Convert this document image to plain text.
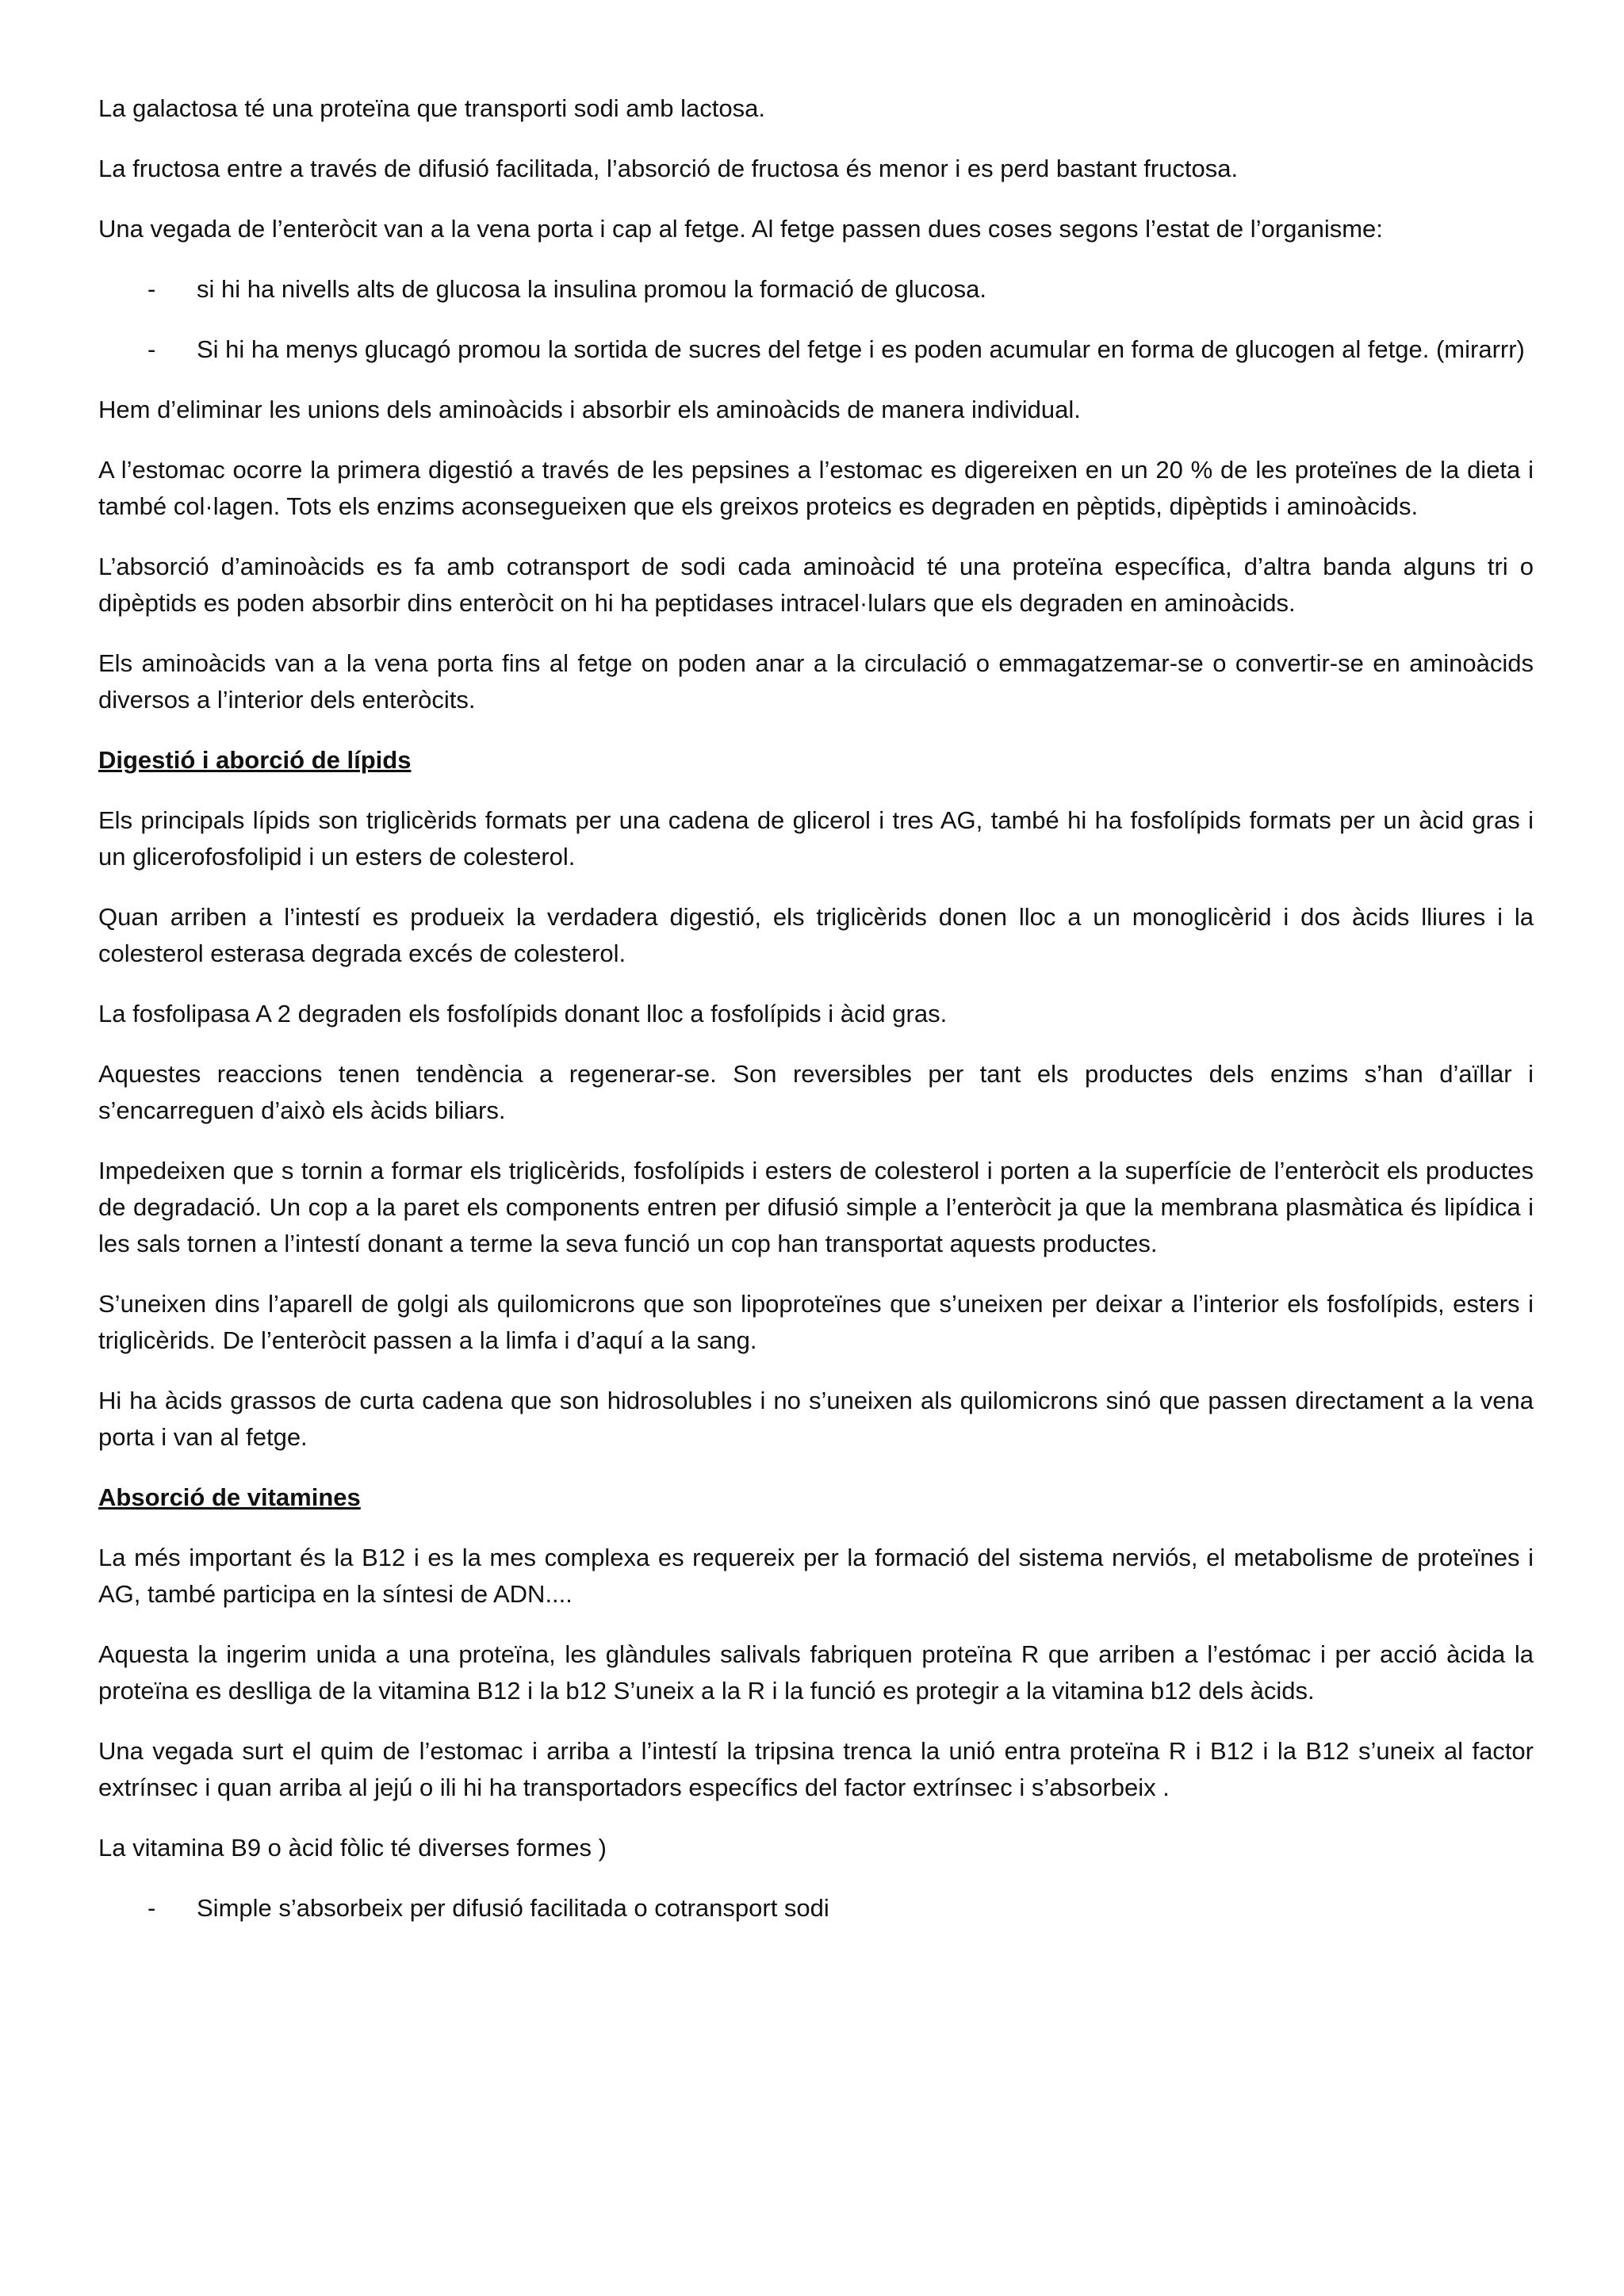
La galactosa té una proteïna que transporti sodi amb lactosa.

La fructosa entre a través de difusió facilitada, l’absorció de fructosa és menor i es perd bastant fructosa.

Una vegada de l’enteròcit van a la vena porta i cap al fetge. Al fetge passen dues coses segons l’estat de l’organisme:

-	si hi ha nivells alts de glucosa la insulina promou la formació de glucosa.
-	Si hi ha menys glucagó promou la sortida de sucres del fetge i es poden acumular en forma de glucogen al fetge. (mirarrr)

Hem d’eliminar les unions dels aminoàcids i absorbir els aminoàcids de manera individual.

A l’estomac ocorre la primera digestió a través de les pepsines a l’estomac es digereixen en un 20 % de les proteïnes de la dieta i també col·lagen. Tots els enzims aconsegueixen que els greixos proteics es degraden en pèptids, dipèptids i aminoàcids.

L’absorció d’aminoàcids es fa amb cotransport de sodi cada aminoàcid té una proteïna específica, d’altra banda alguns tri o dipèptids es poden absorbir dins enteròcit on hi ha peptidases intracel·lulars que els degraden en aminoàcids.

Els aminoàcids van a la vena porta fins al fetge on poden anar a la circulació o emmagatzemar-se o convertir-se en aminoàcids diversos a l’interior dels enteròcits.

Digestió i aborció de lípids

Els principals lípids son triglicèrids formats per una cadena de glicerol i tres AG, també hi ha fosfolípids formats per un àcid gras i un glicerofosfolipid i un esters de colesterol.

Quan arriben a l’intestí es produeix la verdadera digestió, els triglicèrids donen lloc a un monoglicèrid i dos àcids lliures i la colesterol esterasa degrada excés de colesterol.

La fosfolipasa A 2 degraden els fosfolípids donant lloc a fosfolípids i àcid gras.

Aquestes reaccions tenen tendència a regenerar-se. Son reversibles per tant els productes dels enzims s’han d’aïllar i s’encarreguen d’això els àcids biliars.

Impedeixen que s tornin a formar els triglicèrids, fosfolípids i esters de colesterol i porten a la superfície de l’enteròcit els productes de degradació. Un cop a la paret els components entren per difusió simple a l’enteròcit ja que la membrana plasmàtica és lipídica i les sals tornen a l’intestí donant a terme la seva funció un cop han transportat aquests productes.

S’uneixen dins l’aparell de golgi als quilomicrons que son lipoproteïnes que s’uneixen per deixar a l’interior els fosfolípids, esters i triglicèrids. De l’enteròcit passen a la limfa i d’aquí a la sang.

Hi ha àcids grassos de curta cadena que son hidrosolubles i no s’uneixen als quilomicrons sinó que passen directament a la vena porta i van al fetge.

Absorció de vitamines

La més important és la B12 i es la mes complexa es requereix per la formació del sistema nerviós, el metabolisme de proteïnes i AG, també participa en la síntesi de ADN....

Aquesta la ingerim unida a una proteïna, les glàndules salivals fabriquen proteïna R que arriben a l’estómac i per acció àcida la proteïna es deslliga de la vitamina B12 i la b12 S’uneix a la R i la funció es protegir a la vitamina b12 dels àcids.

Una vegada surt el quim de l’estomac i arriba a l’intestí la tripsina trenca la unió entra proteïna R i B12 i la B12 s’uneix al factor extrínsec i quan arriba al jejú o ili hi ha transportadors específics del factor extrínsec i s’absorbeix .

La vitamina B9 o àcid fòlic té diverses formes )

-	Simple s’absorbeix per difusió facilitada o cotransport sodi
